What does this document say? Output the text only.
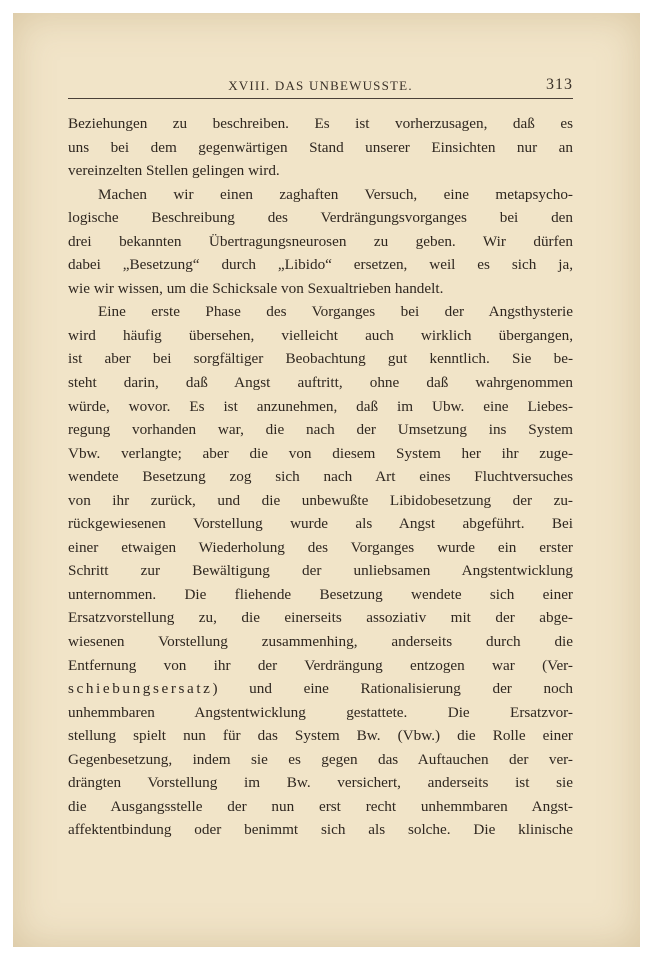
XVIII. DAS UNBEWUSSTE.	313
Beziehungen zu beschreiben. Es ist vorherzusagen, daß es
uns bei dem gegenwärtigen Stand unserer Einsichten nur an
vereinzelten Stellen gelingen wird.
Machen wir einen zaghaften Versuch, eine metapsycho-
logische Beschreibung des Verdrängungsvorganges bei den
drei bekannten Übertragungsneurosen zu geben. Wir dürfen
dabei „Besetzung“ durch „Libido“ ersetzen, weil es sich ja,
wie wir wissen, um die Schicksale von Sexualtrieben handelt.
Eine erste Phase des Vorganges bei der Angsthysterie
wird häufig übersehen, vielleicht auch wirklich übergangen,
ist aber bei sorgfältiger Beobachtung gut kenntlich. Sie be-
steht darin, daß Angst auftritt, ohne daß wahrgenommen
würde, wovor. Es ist anzunehmen, daß im Ubw. eine Liebes-
regung vorhanden war, die nach der Umsetzung ins System
Vbw. verlangte; aber die von diesem System her ihr zuge-
wendete Besetzung zog sich nach Art eines Fluchtversuches
von ihr zurück, und die unbewußte Libidobesetzung der zu-
rückgewiesenen Vorstellung wurde als Angst abgeführt. Bei
einer etwaigen Wiederholung des Vorganges wurde ein erster
Schritt zur Bewältigung der unliebsamen Angstentwicklung
unternommen. Die fliehende Besetzung wendete sich einer
Ersatzvorstellung zu, die einerseits assoziativ mit der abge-
wiesenen Vorstellung zusammenhing, anderseits durch die
Entfernung von ihr der Verdrängung entzogen war (Ver-
schiebungsersatz) und eine Rationalisierung der noch
unhemmbaren Angstentwicklung gestattete. Die Ersatzvor-
stellung spielt nun für das System Bw. (Vbw.) die Rolle einer
Gegenbesetzung, indem sie es gegen das Auftauchen der ver-
drängten Vorstellung im Bw. versichert, anderseits ist sie
die Ausgangsstelle der nun erst recht unhemmbaren Angst-
affektentbindung oder benimmt sich als solche. Die klinische
